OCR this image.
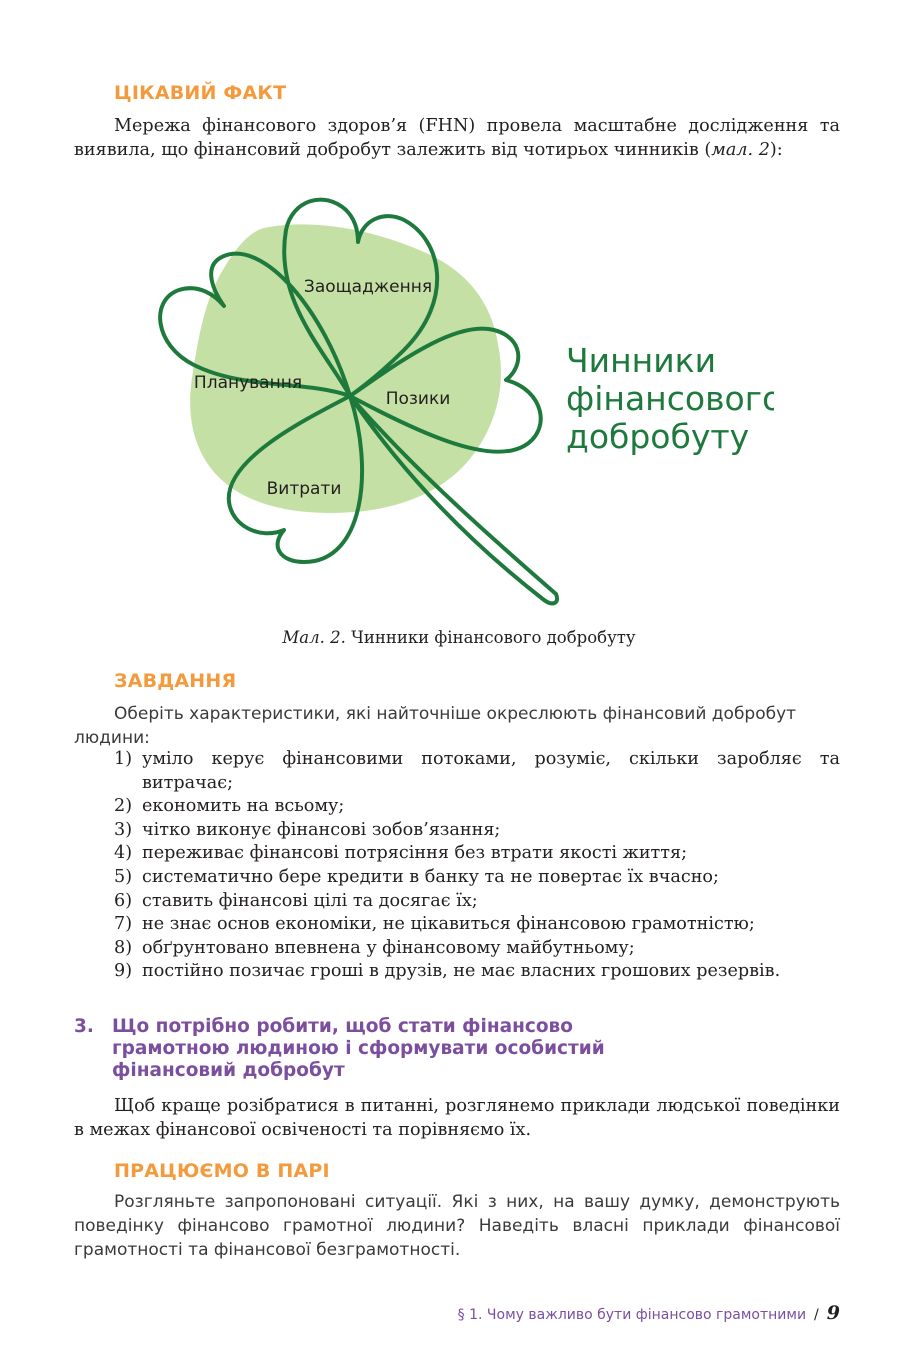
ЦІКАВИЙ ФАКТ

Мережа фінансового здоров’я (FHN) провела масштабне дослідження та виявила, що фінансовий добробут залежить від чотирьох чинників (мал. 2):

Заощадження
Планування
Позики
Витрати
Чинники
фінансового
добробуту
Мал. 2. Чинники фінансового добробуту
ЗАВДАННЯ

Оберіть характеристики, які найточніше окреслюють фінансовий добробут людини:

1) уміло керує фінансовими потоками, розуміє, скільки заробляє та витрачає;
2) економить на всьому;
3) чітко виконує фінансові зобов’язання;
4) переживає фінансові потрясіння без втрати якості життя;
5) систематично бере кредити в банку та не повертає їх вчасно;
6) ставить фінансові цілі та досягає їх;
7) не знає основ економіки, не цікавиться фінансовою грамотністю;
8) обґрунтовано впевнена у фінансовому майбутньому;
9) постійно позичає гроші в друзів, не має власних грошових резервів.
3. Що потрібно робити, щоб стати фінансово
грамотною людиною і сформувати особистий
фінансовий добробут

Щоб краще розібратися в питанні, розглянемо приклади людської поведінки в межах фінансової освіченості та порівняємо їх.

ПРАЦЮЄМО В ПАРІ

Розгляньте запропоновані ситуації. Які з них, на вашу думку, демонструють поведінку фінансово грамотної людини? Наведіть власні приклади фінансової грамотності та фінансової безграмотності.

§ 1. Чому важливо бути фінансово грамотними / 9
